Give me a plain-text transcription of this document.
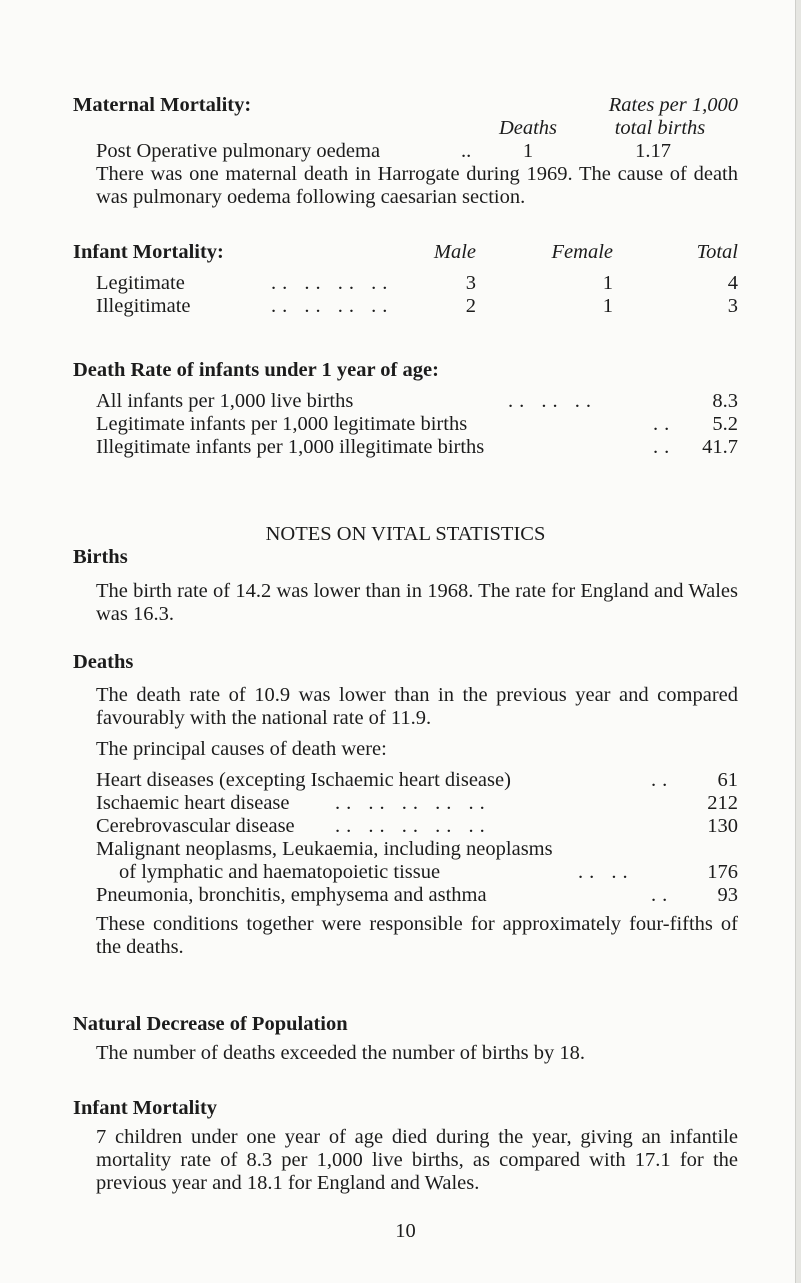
Maternal Mortality:	Rates per 1,000
Deaths	total births
Post Operative pulmonary oedema	..	1	1.17

There was one maternal death in Harrogate during 1969. The cause of death was pulmonary oedema following caesarian section.

Infant Mortality:	Male	Female	Total
Legitimate	.. .. .. ..	3	1	4
Illegitimate	.. .. .. ..	2	1	3
Death Rate of infants under 1 year of age:
All infants per 1,000 live births	.. .. ..	8.3
Legitimate infants per 1,000 legitimate births	.. 5.2
Illegitimate infants per 1,000 illegitimate births	.. 41.7
NOTES ON VITAL STATISTICS
Births

The birth rate of 14.2 was lower than in 1968. The rate for England and Wales was 16.3.

Deaths

The death rate of 10.9 was lower than in the previous year and compared favourably with the national rate of 11.9.

The principal causes of death were:

Heart diseases (excepting Ischaemic heart disease)	.. 61
Ischaemic heart disease .. .. .. .. ..	212
Cerebrovascular disease .. .. .. .. ..	130
Malignant neoplasms, Leukaemia, including neoplasms
of lymphatic and haematopoietic tissue	.. ..	176
Pneumonia, bronchitis, emphysema and asthma	.. 93

These conditions together were responsible for approximately four-fifths of the deaths.

Natural Decrease of Population

The number of deaths exceeded the number of births by 18.

Infant Mortality

7 children under one year of age died during the year, giving an infantile mortality rate of 8.3 per 1,000 live births, as compared with 17.1 for the previous year and 18.1 for England and Wales.

10
